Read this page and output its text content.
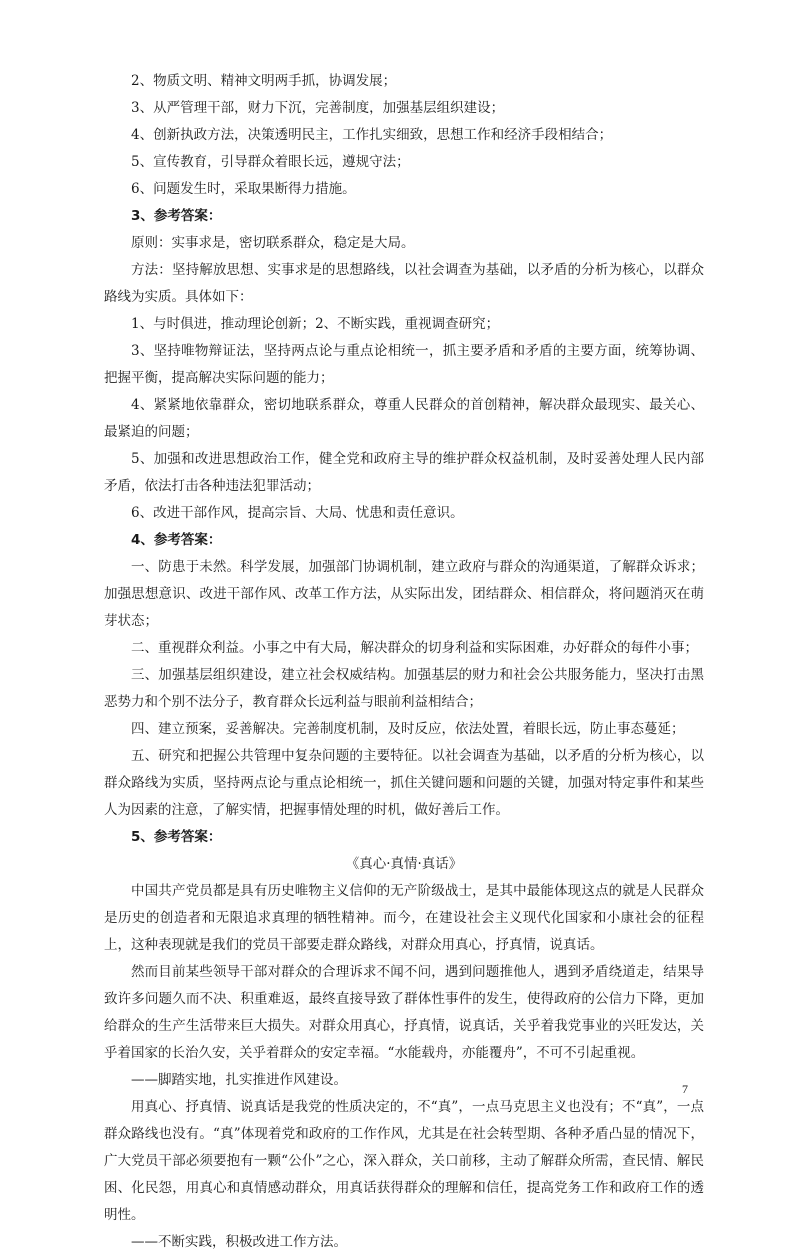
2、物质文明、精神文明两手抓，协调发展；

3、从严管理干部，财力下沉，完善制度，加强基层组织建设；

4、创新执政方法，决策透明民主，工作扎实细致，思想工作和经济手段相结合；

5、宣传教育，引导群众着眼长远，遵规守法；

6、问题发生时，采取果断得力措施。

3、参考答案：

原则：实事求是，密切联系群众，稳定是大局。

方法：坚持解放思想、实事求是的思想路线，以社会调查为基础，以矛盾的分析为核心，以群众路线为实质。具体如下：

1、与时俱进，推动理论创新；2、不断实践，重视调查研究；

3、坚持唯物辩证法，坚持两点论与重点论相统一，抓主要矛盾和矛盾的主要方面，统筹协调、把握平衡，提高解决实际问题的能力；

4、紧紧地依靠群众，密切地联系群众，尊重人民群众的首创精神，解决群众最现实、最关心、最紧迫的问题；

5、加强和改进思想政治工作，健全党和政府主导的维护群众权益机制，及时妥善处理人民内部矛盾，依法打击各种违法犯罪活动；

6、改进干部作风，提高宗旨、大局、忧患和责任意识。

4、参考答案：

一、防患于未然。科学发展，加强部门协调机制，建立政府与群众的沟通渠道，了解群众诉求；加强思想意识、改进干部作风、改革工作方法，从实际出发，团结群众、相信群众，将问题消灭在萌芽状态；

二、重视群众利益。小事之中有大局，解决群众的切身利益和实际困难，办好群众的每件小事；

三、加强基层组织建设，建立社会权威结构。加强基层的财力和社会公共服务能力，坚决打击黑恶势力和个别不法分子，教育群众长远利益与眼前利益相结合；

四、建立预案，妥善解决。完善制度机制，及时反应，依法处置，着眼长远，防止事态蔓延；

五、研究和把握公共管理中复杂问题的主要特征。以社会调查为基础，以矛盾的分析为核心，以群众路线为实质，坚持两点论与重点论相统一，抓住关键问题和问题的关键，加强对特定事件和某些人为因素的注意，了解实情，把握事情处理的时机，做好善后工作。

5、参考答案：

《真心·真情·真话》

中国共产党员都是具有历史唯物主义信仰的无产阶级战士，是其中最能体现这点的就是人民群众是历史的创造者和无限追求真理的牺牲精神。而今，在建设社会主义现代化国家和小康社会的征程上，这种表现就是我们的党员干部要走群众路线，对群众用真心，抒真情，说真话。

然而目前某些领导干部对群众的合理诉求不闻不问，遇到问题推他人，遇到矛盾绕道走，结果导致许多问题久而不决、积重难返，最终直接导致了群体性事件的发生，使得政府的公信力下降，更加给群众的生产生活带来巨大损失。对群众用真心，抒真情，说真话，关乎着我党事业的兴旺发达，关乎着国家的长治久安，关乎着群众的安定幸福。“水能载舟，亦能覆舟”，不可不引起重视。

——脚踏实地，扎实推进作风建设。

用真心、抒真情、说真话是我党的性质决定的，不“真”，一点马克思主义也没有；不“真”，一点群众路线也没有。“真”体现着党和政府的工作作风，尤其是在社会转型期、各种矛盾凸显的情况下，广大党员干部必须要抱有一颗“公仆”之心，深入群众，关口前移，主动了解群众所需，查民情、解民困、化民怨，用真心和真情感动群众，用真话获得群众的理解和信任，提高党务工作和政府工作的透明性。

——不断实践，积极改进工作方法。

7
